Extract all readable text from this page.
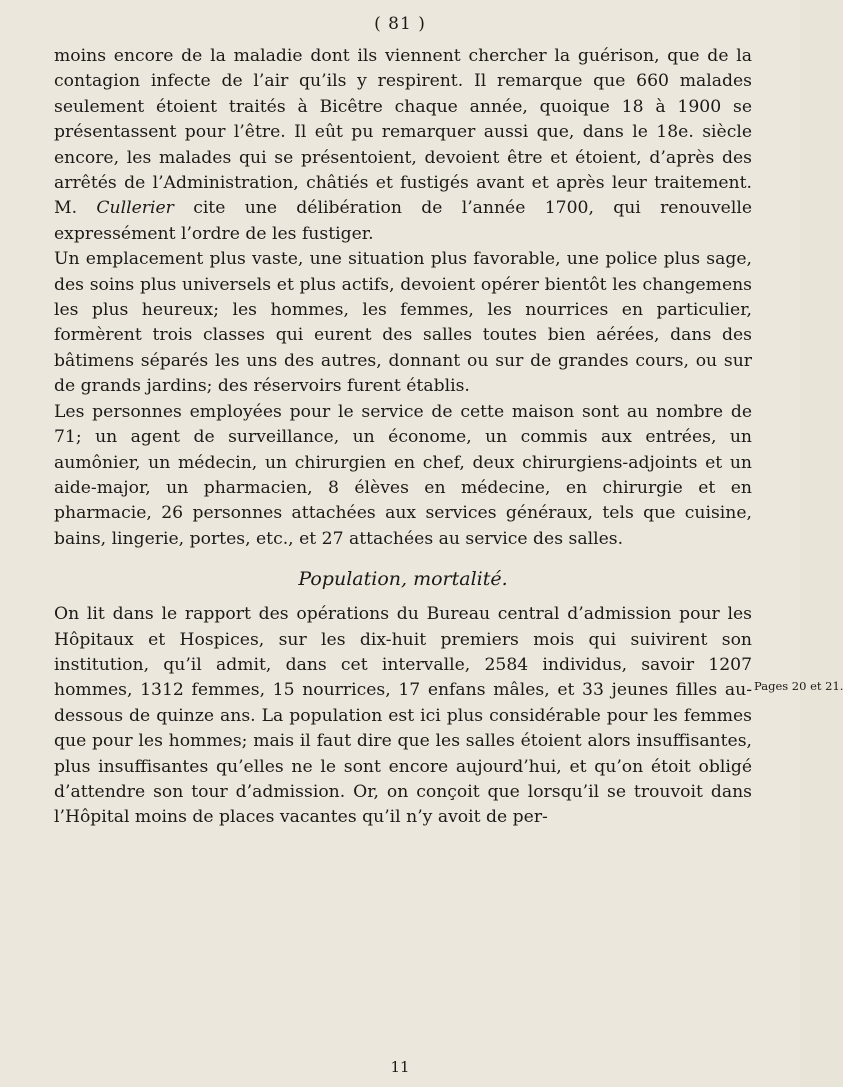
( 81 )

moins encore de la maladie dont ils viennent chercher la guérison, que de la contagion infecte de l’air qu’ils y respirent. Il remarque que 660 malades seulement étoient traités à Bicêtre chaque année, quoique 18 à 1900 se présentassent pour l’être. Il eût pu remarquer aussi que, dans le 18e. siècle encore, les malades qui se présentoient, devoient être et étoient, d’après des arrêtés de l’Administration, châtiés et fustigés avant et après leur traitement. M. Cullerier cite une délibération de l’année 1700, qui renouvelle expressément l’ordre de les fustiger.

Un emplacement plus vaste, une situation plus favorable, une police plus sage, des soins plus universels et plus actifs, devoient opérer bientôt les changemens les plus heureux; les hommes, les femmes, les nourrices en particulier, formèrent trois classes qui eurent des salles toutes bien aérées, dans des bâtimens séparés les uns des autres, donnant ou sur de grandes cours, ou sur de grands jardins; des réservoirs furent établis.

Les personnes employées pour le service de cette maison sont au nombre de 71; un agent de surveillance, un économe, un commis aux entrées, un aumônier, un médecin, un chirurgien en chef, deux chirurgiens-adjoints et un aide-major, un pharmacien, 8 élèves en médecine, en chirurgie et en pharmacie, 26 personnes attachées aux services généraux, tels que cuisine, bains, lingerie, portes, etc., et 27 attachées au service des salles.

Population, mortalité.

On lit dans le rapport des opérations du Bureau central d’admission pour les Hôpitaux et Hospices, sur les dix-huit premiers mois qui suivirent son institution, qu’il admit, dans cet intervalle, 2584 individus, savoir 1207 hommes, 1312 femmes, 15 nourrices, 17 enfans mâles, et 33 jeunes filles au-dessous de quinze ans. La population est ici plus considérable pour les femmes que pour les hommes; mais il faut dire que les salles étoient alors insuffisantes, plus insuffisantes qu’elles ne le sont encore aujourd’hui, et qu’on étoit obligé d’attendre son tour d’admission. Or, on conçoit que lorsqu’il se trouvoit dans l’Hôpital moins de places vacantes qu’il n’y avoit de per-

Pages 20 et 21.
11
